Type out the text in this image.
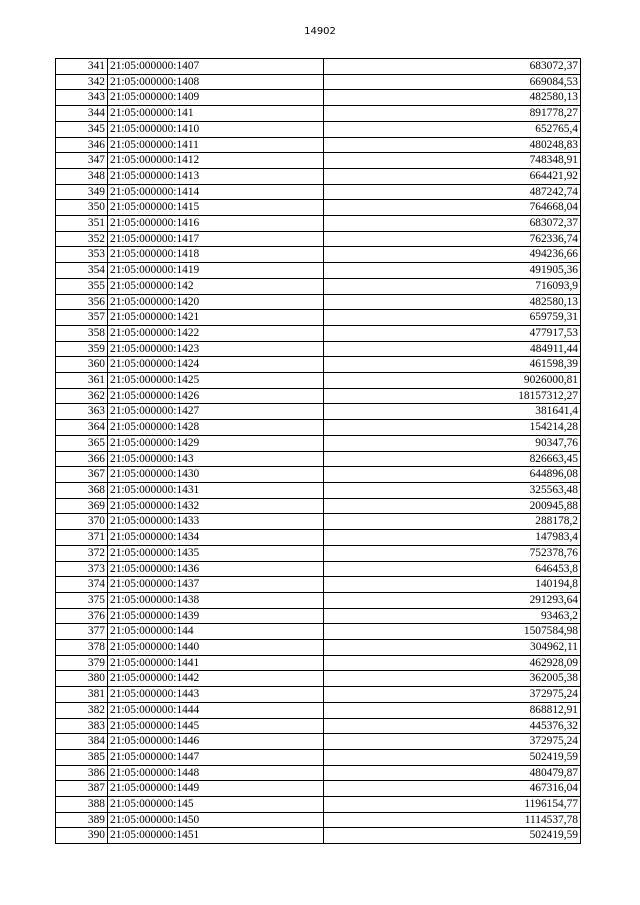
14902
341	21:05:000000:1407	683072,37
342	21:05:000000:1408	669084,53
343	21:05:000000:1409	482580,13
344	21:05:000000:141	891778,27
345	21:05:000000:1410	652765,4
346	21:05:000000:1411	480248,83
347	21:05:000000:1412	748348,91
348	21:05:000000:1413	664421,92
349	21:05:000000:1414	487242,74
350	21:05:000000:1415	764668,04
351	21:05:000000:1416	683072,37
352	21:05:000000:1417	762336,74
353	21:05:000000:1418	494236,66
354	21:05:000000:1419	491905,36
355	21:05:000000:142	716093,9
356	21:05:000000:1420	482580,13
357	21:05:000000:1421	659759,31
358	21:05:000000:1422	477917,53
359	21:05:000000:1423	484911,44
360	21:05:000000:1424	461598,39
361	21:05:000000:1425	9026000,81
362	21:05:000000:1426	18157312,27
363	21:05:000000:1427	381641,4
364	21:05:000000:1428	154214,28
365	21:05:000000:1429	90347,76
366	21:05:000000:143	826663,45
367	21:05:000000:1430	644896,08
368	21:05:000000:1431	325563,48
369	21:05:000000:1432	200945,88
370	21:05:000000:1433	288178,2
371	21:05:000000:1434	147983,4
372	21:05:000000:1435	752378,76
373	21:05:000000:1436	646453,8
374	21:05:000000:1437	140194,8
375	21:05:000000:1438	291293,64
376	21:05:000000:1439	93463,2
377	21:05:000000:144	1507584,98
378	21:05:000000:1440	304962,11
379	21:05:000000:1441	462928,09
380	21:05:000000:1442	362005,38
381	21:05:000000:1443	372975,24
382	21:05:000000:1444	868812,91
383	21:05:000000:1445	445376,32
384	21:05:000000:1446	372975,24
385	21:05:000000:1447	502419,59
386	21:05:000000:1448	480479,87
387	21:05:000000:1449	467316,04
388	21:05:000000:145	1196154,77
389	21:05:000000:1450	1114537,78
390	21:05:000000:1451	502419,59
